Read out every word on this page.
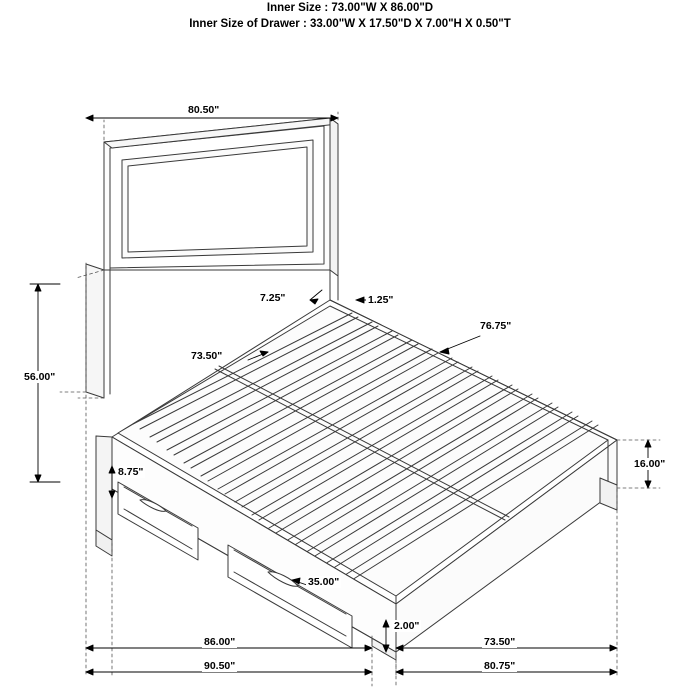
Inner Size : 73.00"W X 86.00"D
Inner Size of Drawer : 33.00"W X 17.50"D X 7.00"H X 0.50"T
80.50"
56.00"
7.25"	1.25"
76.75"
73.50"
8.75"
16.00"
35.00"
2.00"
86.00"
90.50"
73.50"
80.75"
